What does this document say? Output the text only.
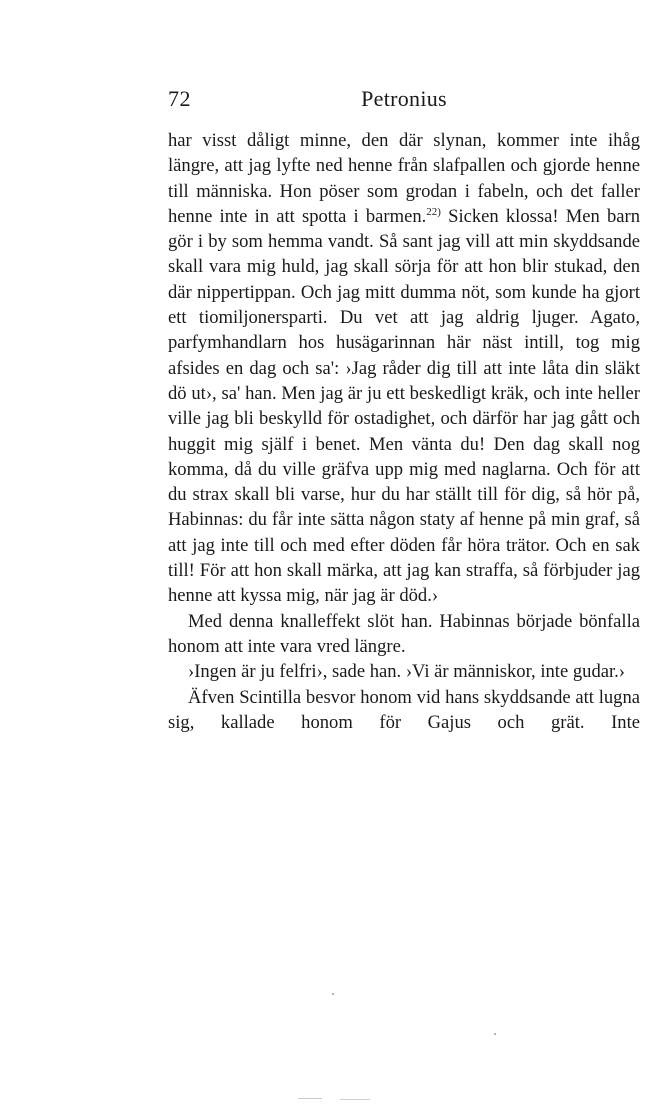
72	Petronius

har visst dåligt minne, den där slynan, kommer inte ihåg längre, att jag lyfte ned henne från slafpallen och gjorde henne till människa. Hon pöser som grodan i fabeln, och det faller henne inte in att spotta i barmen.$^{22)}$ Sicken klossa! Men barn gör i by som hemma vandt. Så sant jag vill att min skyddsande skall vara mig huld, jag skall sörja för att hon blir stukad, den där nippertippan. Och jag mitt dumma nöt, som kunde ha gjort ett tiomiljonersparti. Du vet att jag aldrig ljuger. Agato, parfymhandlarn hos husägarinnan här näst intill, tog mig afsides en dag och sa': ›Jag råder dig till att inte låta din släkt dö ut›, sa' han. Men jag är ju ett beskedligt kräk, och inte heller ville jag bli beskylld för ostadighet, och därför har jag gått och huggit mig själf i benet. Men vänta du! Den dag skall nog komma, då du ville gräfva upp mig med naglarna. Och för att du strax skall bli varse, hur du har ställt till för dig, så hör på, Habinnas: du får inte sätta någon staty af henne på min graf, så att jag inte till och med efter döden får höra trätor. Och en sak till! För att hon skall märka, att jag kan straffa, så förbjuder jag henne att kyssa mig, när jag är död.›

Med denna knalleffekt slöt han. Habinnas började bönfalla honom att inte vara vred längre.

›Ingen är ju felfri›, sade han. ›Vi är människor, inte gudar.›

Äfven Scintilla besvor honom vid hans skyddsande att lugna sig, kallade honom för Gajus och grät. Inte
